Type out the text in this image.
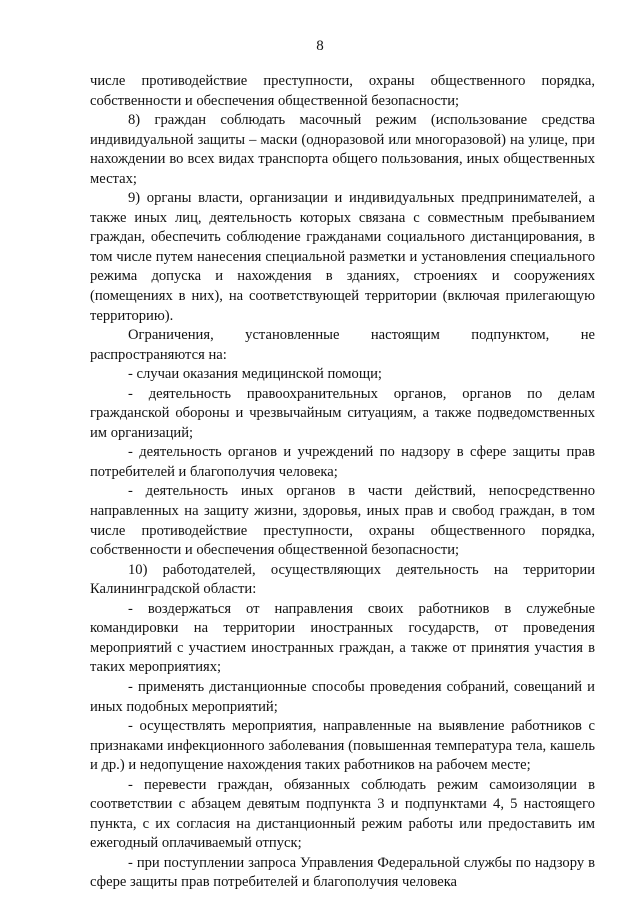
8

числе противодействие преступности, охраны общественного порядка, собственности и обеспечения общественной безопасности;

8) граждан соблюдать масочный режим (использование средства индивидуальной защиты – маски (одноразовой или многоразовой) на улице, при нахождении во всех видах транспорта общего пользования, иных общественных местах;

9) органы власти, организации и индивидуальных предпринимателей, а также иных лиц, деятельность которых связана с совместным пребыванием граждан, обеспечить соблюдение гражданами социального дистанцирования, в том числе путем нанесения специальной разметки и установления специального режима допуска и нахождения в зданиях, строениях и сооружениях (помещениях в них), на соответствующей территории (включая прилегающую территорию).

Ограничения, установленные настоящим подпунктом, не распространяются на:

- случаи оказания медицинской помощи;

- деятельность правоохранительных органов, органов по делам гражданской обороны и чрезвычайным ситуациям, а также подведомственных им организаций;

- деятельность органов и учреждений по надзору в сфере защиты прав потребителей и благополучия человека;

- деятельность иных органов в части действий, непосредственно направленных на защиту жизни, здоровья, иных прав и свобод граждан, в том числе противодействие преступности, охраны общественного порядка, собственности и обеспечения общественной безопасности;

10) работодателей, осуществляющих деятельность на территории Калининградской области:

- воздержаться от направления своих работников в служебные командировки на территории иностранных государств, от проведения мероприятий с участием иностранных граждан, а также от принятия участия в таких мероприятиях;

- применять дистанционные способы проведения собраний, совещаний и иных подобных мероприятий;

- осуществлять мероприятия, направленные на выявление работников с признаками инфекционного заболевания (повышенная температура тела, кашель и др.) и недопущение нахождения таких работников на рабочем месте;

- перевести граждан, обязанных соблюдать режим самоизоляции в соответствии с абзацем девятым подпункта 3 и подпунктами 4, 5 настоящего пункта, с их согласия на дистанционный режим работы или предоставить им ежегодный оплачиваемый отпуск;

- при поступлении запроса Управления Федеральной службы по надзору в сфере защиты прав потребителей и благополучия человека
